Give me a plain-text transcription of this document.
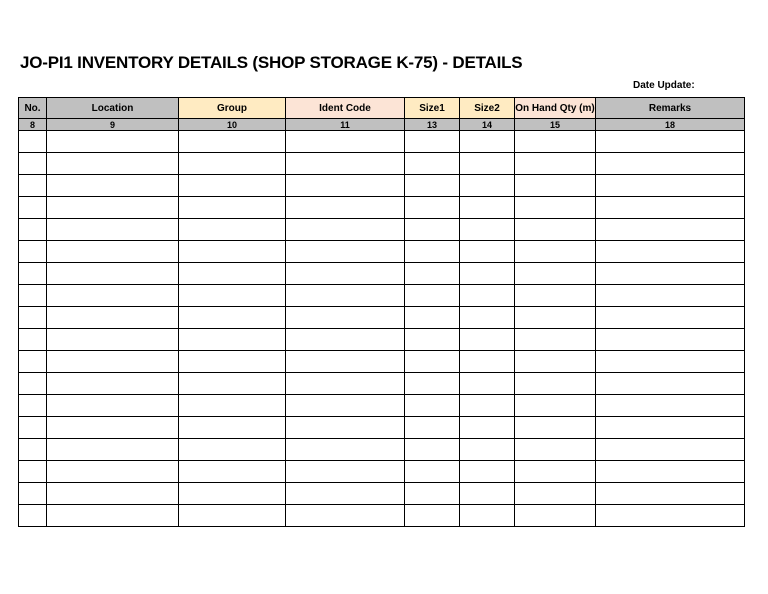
JO-PI1 INVENTORY DETAILS (SHOP STORAGE K-75) - DETAILS
Date Update:
No.	Location	Group	Ident Code	Size1	Size2	On Hand Qty (m)	Remarks
8	9	10	11	13	14	15	18
